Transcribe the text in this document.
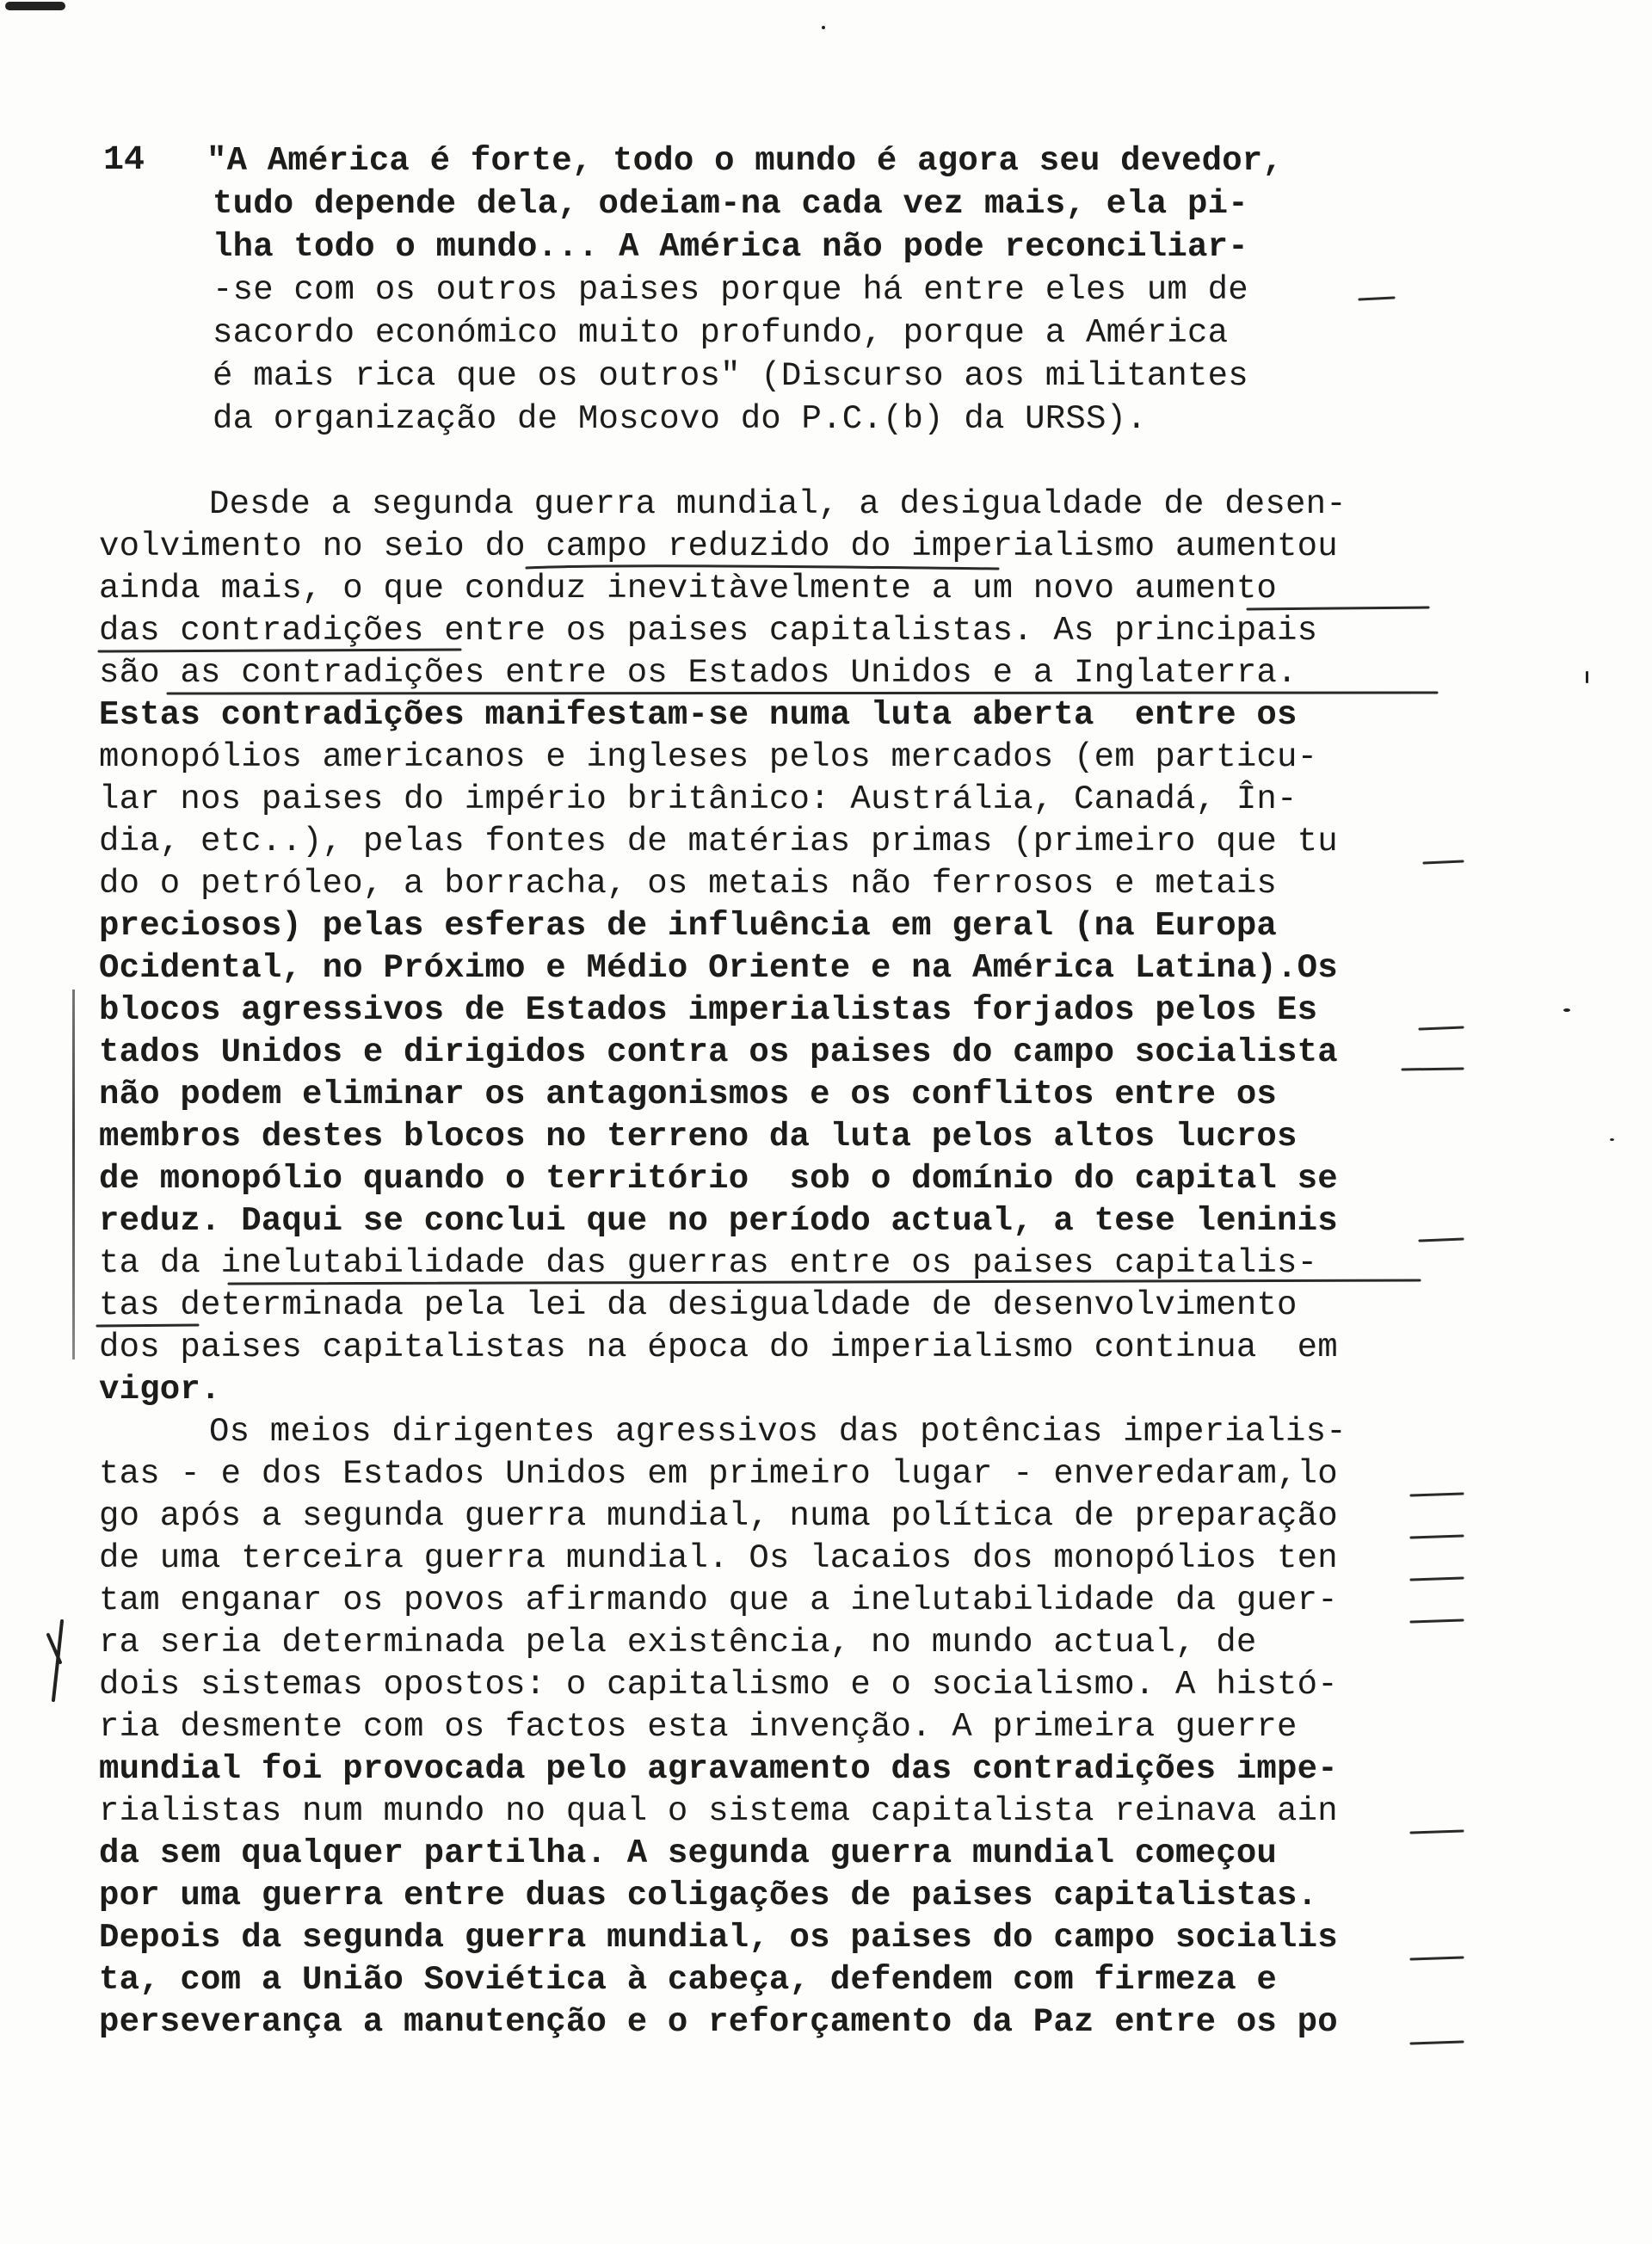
14 "A América é forte, todo o mundo é agora seu devedor,
tudo depende dela, odeiam-na cada vez mais, ela pi-
lha todo o mundo... A América não pode reconciliar-
-se com os outros paises porque há entre eles um de
sacordo económico muito profundo, porque a América
é mais rica que os outros" (Discurso aos militantes
da organização de Moscovo do P.C.(b) da URSS).
Desde a segunda guerra mundial, a desigualdade de desen-
volvimento no seio do campo reduzido do imperialismo aumentou
ainda mais, o que conduz inevitàvelmente a um novo aumento
das contradições entre os paises capitalistas. As principais
são as contradições entre os Estados Unidos e a Inglaterra.
Estas contradições manifestam-se numa luta aberta  entre os
monopólios americanos e ingleses pelos mercados (em particu-
lar nos paises do império britânico: Austrália, Canadá, În-
dia, etc..), pelas fontes de matérias primas (primeiro que tu
do o petróleo, a borracha, os metais não ferrosos e metais
preciosos) pelas esferas de influência em geral (na Europa
Ocidental, no Próximo e Médio Oriente e na América Latina).Os
blocos agressivos de Estados imperialistas forjados pelos Es
tados Unidos e dirigidos contra os paises do campo socialista
não podem eliminar os antagonismos e os conflitos entre os
membros destes blocos no terreno da luta pelos altos lucros
de monopólio quando o território  sob o domínio do capital se
reduz. Daqui se conclui que no período actual, a tese leninis
ta da inelutabilidade das guerras entre os paises capitalis-
tas determinada pela lei da desigualdade de desenvolvimento
dos paises capitalistas na época do imperialismo continua  em
vigor.
Os meios dirigentes agressivos das potências imperialis-
tas - e dos Estados Unidos em primeiro lugar - enveredaram,lo
go após a segunda guerra mundial, numa política de preparação
de uma terceira guerra mundial. Os lacaios dos monopólios ten
tam enganar os povos afirmando que a inelutabilidade da guer-
ra seria determinada pela existência, no mundo actual, de
dois sistemas opostos: o capitalismo e o socialismo. A histó-
ria desmente com os factos esta invenção. A primeira guerre
mundial foi provocada pelo agravamento das contradições impe-
rialistas num mundo no qual o sistema capitalista reinava ain
da sem qualquer partilha. A segunda guerra mundial começou
por uma guerra entre duas coligações de paises capitalistas.
Depois da segunda guerra mundial, os paises do campo socialis
ta, com a União Soviética à cabeça, defendem com firmeza e
perseverança a manutenção e o reforçamento da Paz entre os po
